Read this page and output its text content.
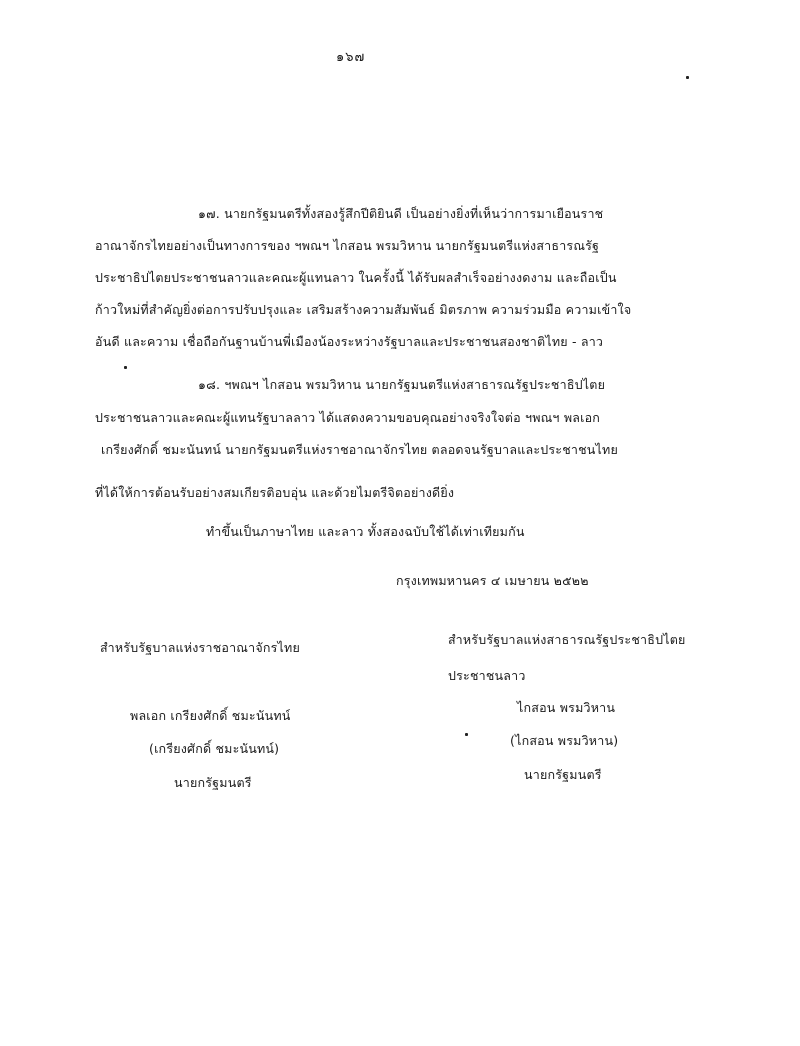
๑๖๗
๑๗. นายกรัฐมนตรีทั้งสองรู้สึกปีติยินดี เป็นอย่างยิ่งที่เห็นว่าการมาเยือนราช
อาณาจักรไทยอย่างเป็นทางการของ ฯพณฯ ไกสอน พรมวิหาน นายกรัฐมนตรีแห่งสาธารณรัฐ
ประชาธิปไตยประชาชนลาวและคณะผู้แทนลาว ในครั้งนี้ ได้รับผลสำเร็จอย่างงดงาม และถือเป็น
ก้าวใหม่ที่สำคัญยิ่งต่อการปรับปรุงและ เสริมสร้างความสัมพันธ์ มิตรภาพ ความร่วมมือ ความเข้าใจ
อันดี และความ เชื่อถือกันฐานบ้านพี่เมืองน้องระหว่างรัฐบาลและประชาชนสองชาติไทย - ลาว
๑๘. ฯพณฯ ไกสอน พรมวิหาน นายกรัฐมนตรีแห่งสาธารณรัฐประชาธิปไตย
ประชาชนลาวและคณะผู้แทนรัฐบาลลาว ได้แสดงความขอบคุณอย่างจริงใจต่อ ฯพณฯ พลเอก
เกรียงศักดิ์ ชมะนันทน์ นายกรัฐมนตรีแห่งราชอาณาจักรไทย ตลอดจนรัฐบาลและประชาชนไทย
ที่ได้ให้การต้อนรับอย่างสมเกียรติอบอุ่น และด้วยไมตรีจิตอย่างดียิ่ง
ทำขึ้นเป็นภาษาไทย และลาว ทั้งสองฉบับใช้ได้เท่าเทียมกัน
กรุงเทพมหานคร ๔ เมษายน ๒๕๒๒
สำหรับรัฐบาลแห่งราชอาณาจักรไทย
พลเอก เกรียงศักดิ์ ชมะนันทน์
(เกรียงศักดิ์ ชมะนันทน์)
นายกรัฐมนตรี
สำหรับรัฐบาลแห่งสาธารณรัฐประชาธิปไตย
ประชาชนลาว
ไกสอน พรมวิหาน
(ไกสอน พรมวิหาน)
นายกรัฐมนตรี
